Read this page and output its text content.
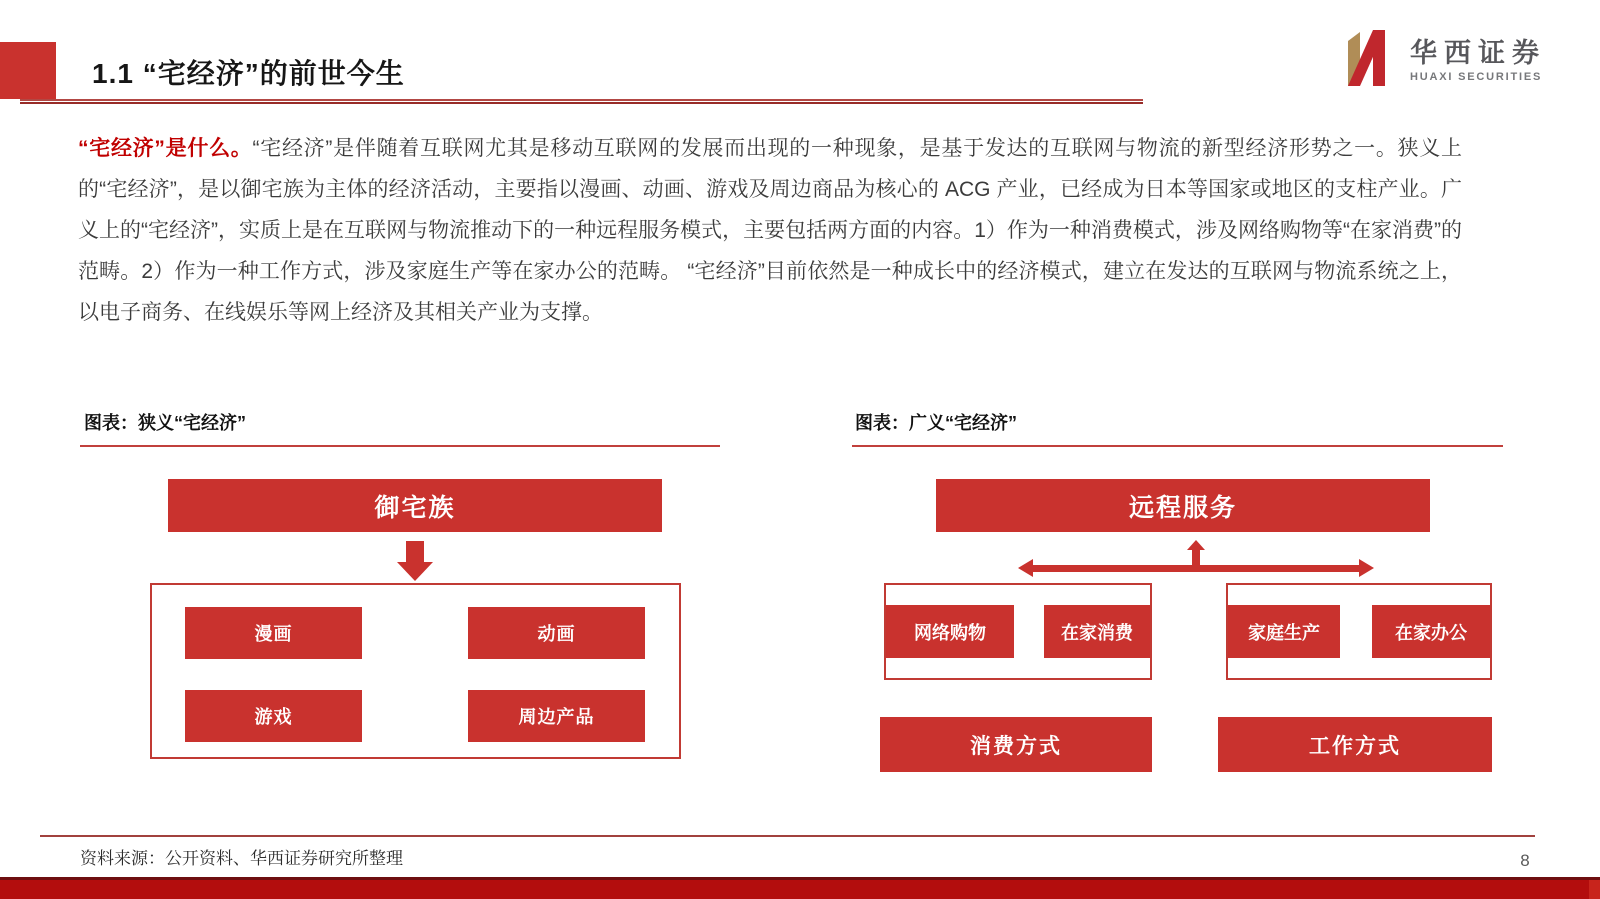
1.1 “宅经济”的前世今生
华西证券
HUAXI SECURITIES
“宅经济”是什么。“宅经济”是伴随着互联网尤其是移动互联网的发展而出现的一种现象，是基于发达的互联网与物流的新型经济形势之一。狭义上的“宅经济”，是以御宅族为主体的经济活动，主要指以漫画、动画、游戏及周边商品为核心的 ACG 产业，已经成为日本等国家或地区的支柱产业。广义上的“宅经济”，实质上是在互联网与物流推动下的一种远程服务模式，主要包括两方面的内容。1）作为一种消费模式，涉及网络购物等“在家消费”的范畴。2）作为一种工作方式，涉及家庭生产等在家办公的范畴。 “宅经济”目前依然是一种成长中的经济模式，建立在发达的互联网与物流系统之上，以电子商务、在线娱乐等网上经济及其相关产业为支撑。
图表：狭义“宅经济”
御宅族
漫画	动画
游戏	周边产品
图表：广义“宅经济”
远程服务
网络购物	在家消费	家庭生产	在家办公
消费方式	工作方式
资料来源：公开资料、华西证券研究所整理	8
